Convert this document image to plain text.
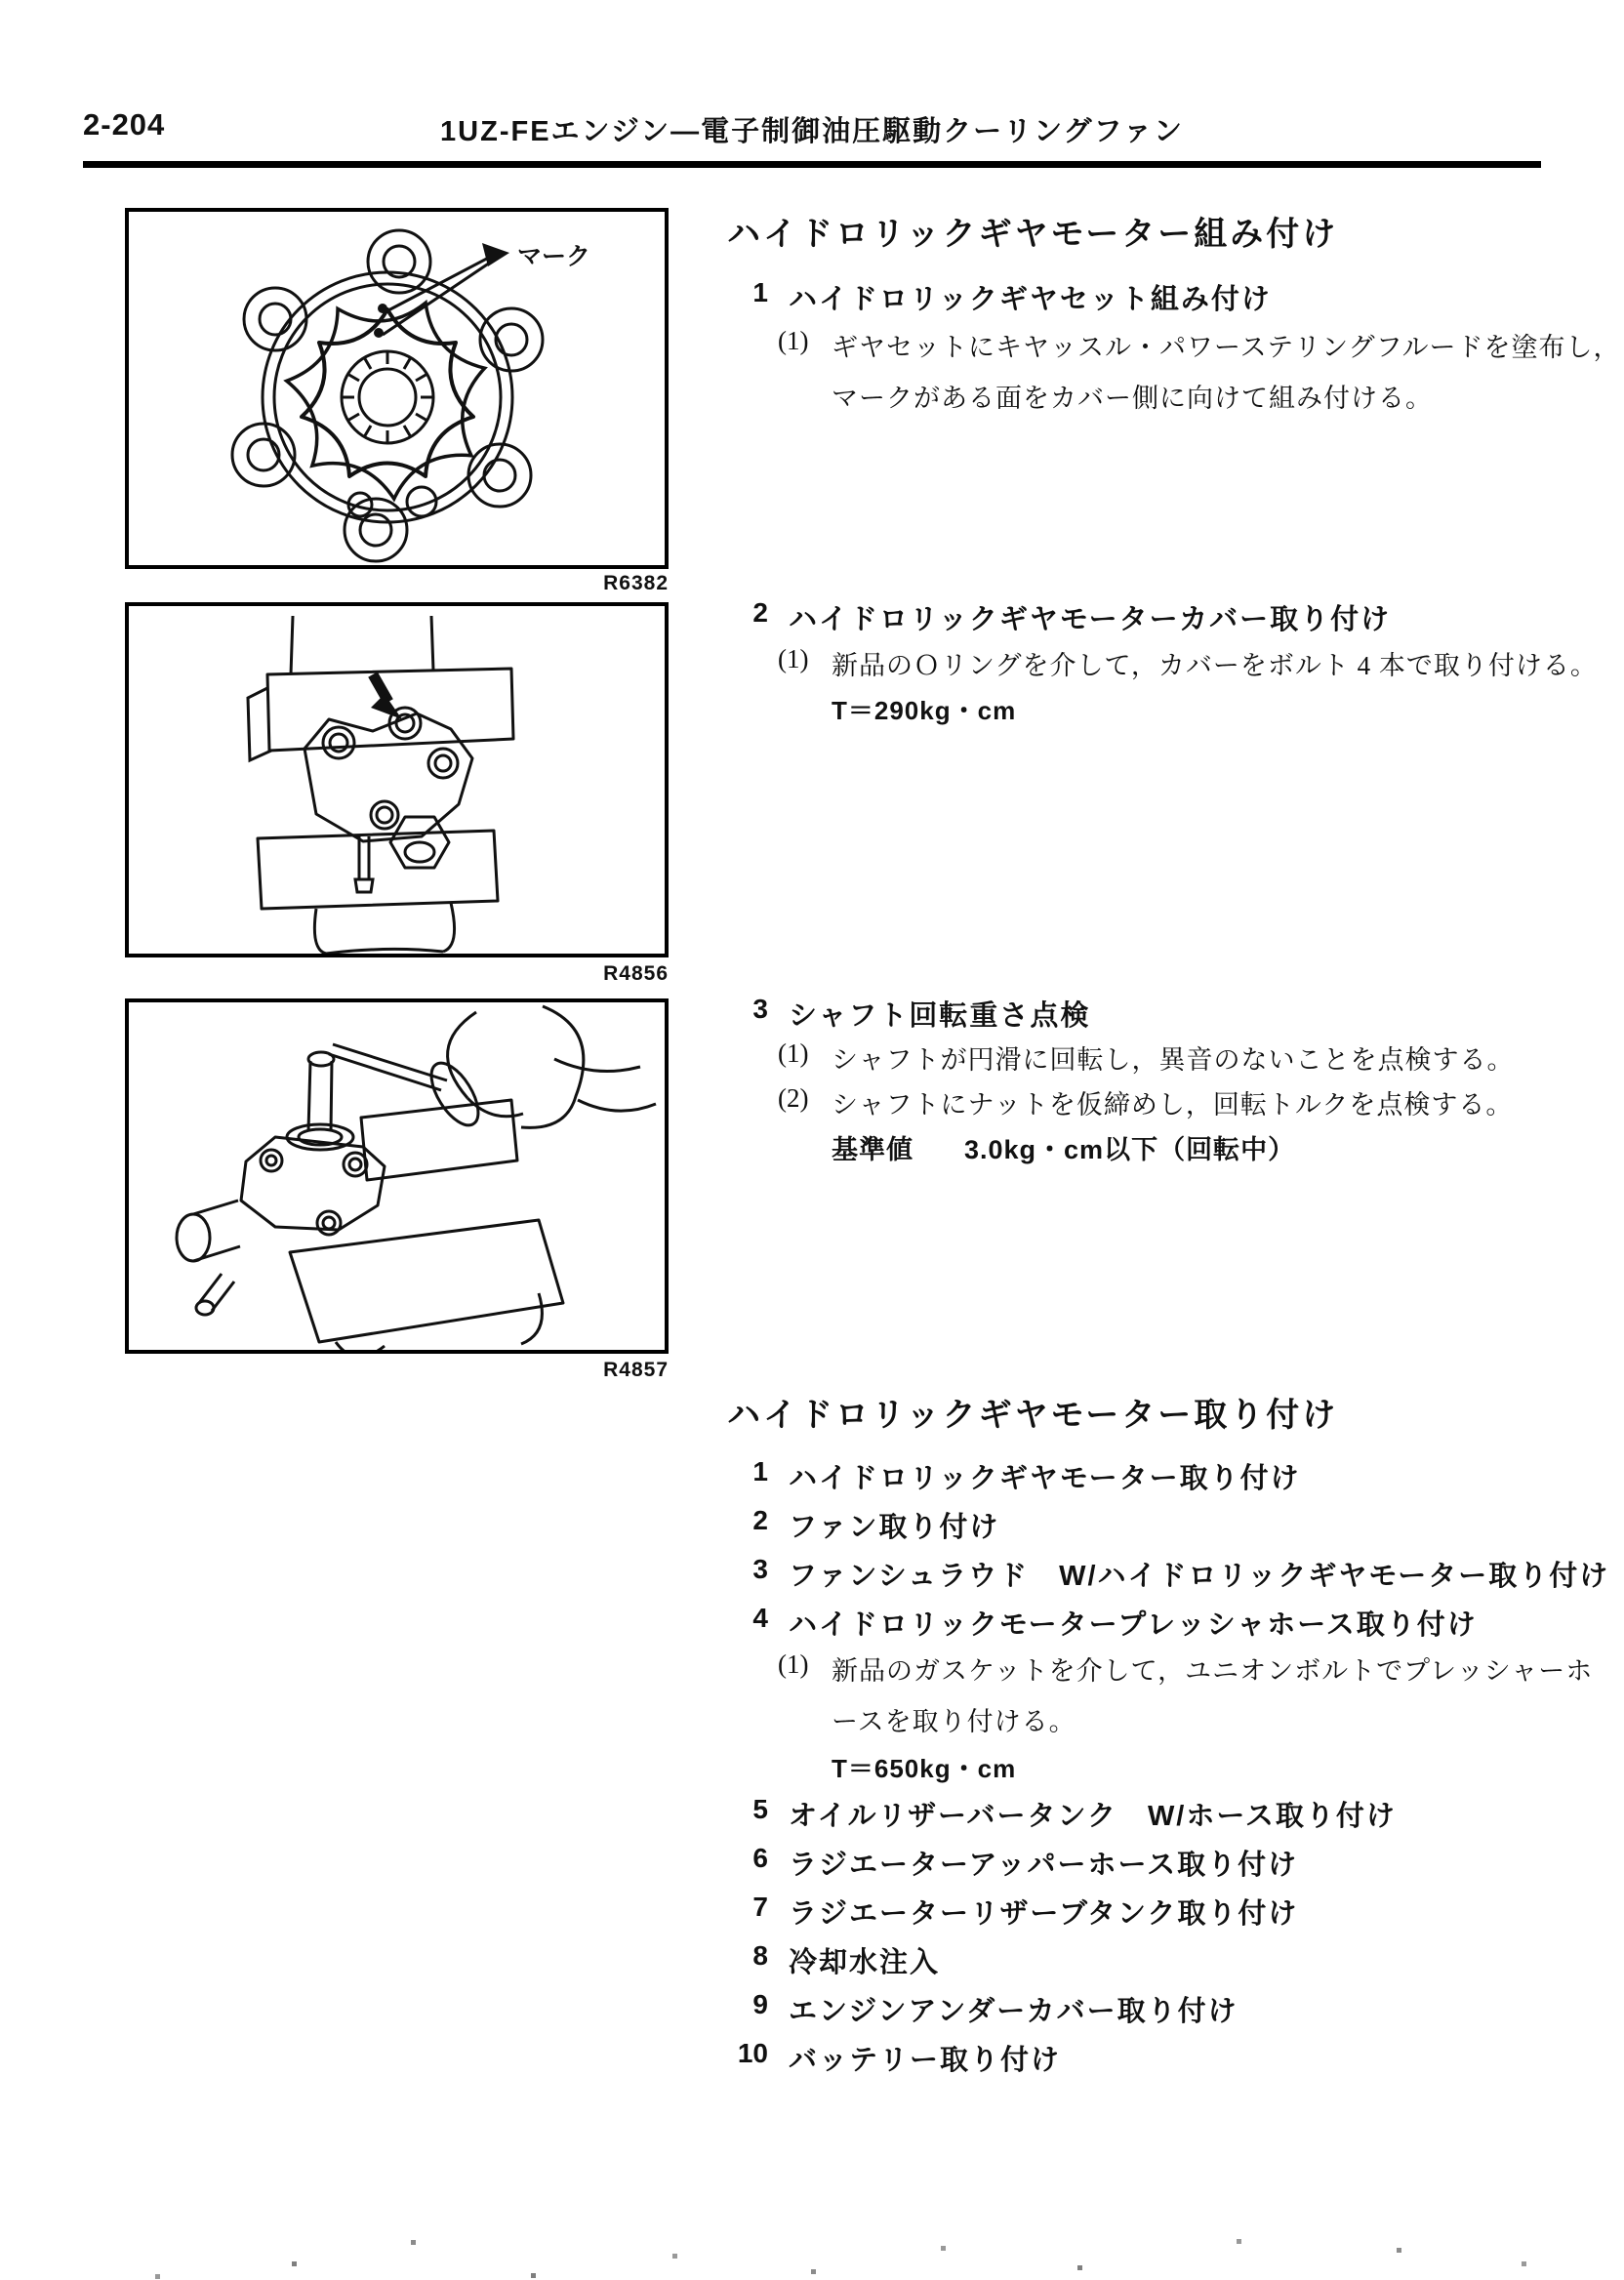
2-204	1UZ-FEエンジン―電子制御油圧駆動クーリングファン
マーク
R6382
R4856
R4857
ハイドロリックギヤモーター組み付け
1 ハイドロリックギヤセット組み付け
(1) ギヤセットにキヤッスル・パワーステリングフルードを塗布し，
マークがある面をカバー側に向けて組み付ける。
2 ハイドロリックギヤモーターカバー取り付け
(1) 新品のＯリングを介して，カバーをボルト 4 本で取り付ける。
T＝290kg・cm
3 シャフト回転重さ点検
(1) シャフトが円滑に回転し，異音のないことを点検する。
(2) シャフトにナットを仮締めし，回転トルクを点検する。
基準値 3.0kg・cm以下（回転中）
ハイドロリックギヤモーター取り付け
1 ハイドロリックギヤモーター取り付け
2 ファン取り付け
3 ファンシュラウド　W/ハイドロリックギヤモーター取り付け
4 ハイドロリックモータープレッシャホース取り付け
(1) 新品のガスケットを介して，ユニオンボルトでプレッシャーホ
ースを取り付ける。
T＝650kg・cm
5 オイルリザーバータンク　W/ホース取り付け
6 ラジエーターアッパーホース取り付け
7 ラジエーターリザーブタンク取り付け
8 冷却水注入
9 エンジンアンダーカバー取り付け
10 バッテリー取り付け
